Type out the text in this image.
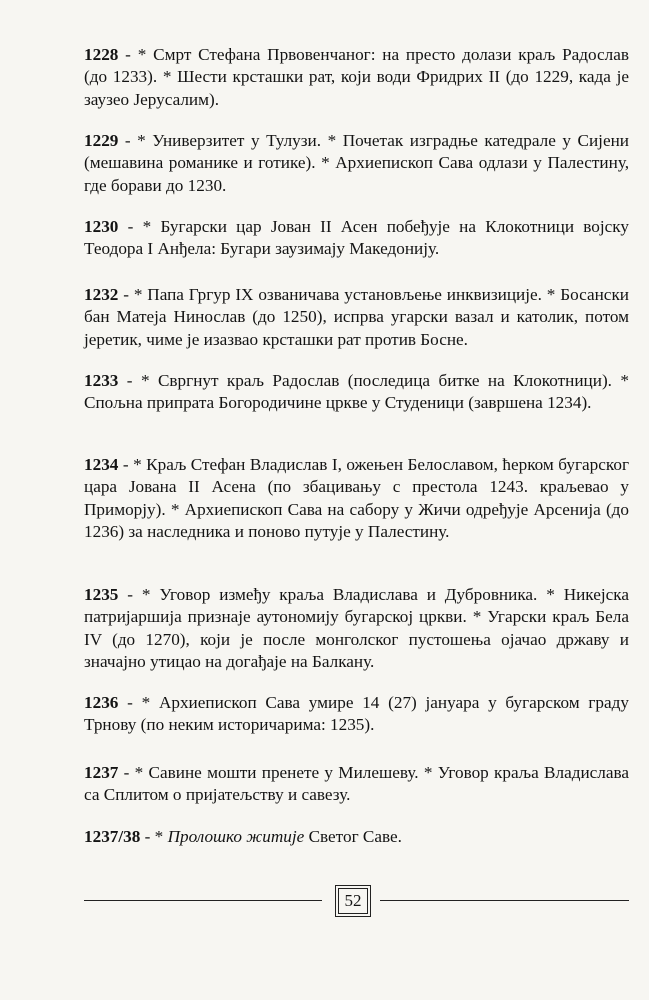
1228 - * Смрт Стефана Првовенчаног: на престо долази краљ Радослав (до 1233). * Шести крсташки рат, који води Фридрих II (до 1229, када је заузео Јерусалим).

1229 - * Универзитет у Тулузи. * Почетак изградње катедрале у Сијени (мешавина романике и готике). * Архиепископ Сава одлази у Палестину, где борави до 1230.

1230 - * Бугарски цар Јован II Асен побеђује на Клокотници војску Теодора I Анђела: Бугари заузимају Македонију.

1232 - * Папа Гргур IX озваничава установљење инквизиције. * Босански бан Матеја Нинослав (до 1250), испрва угарски вазал и католик, потом јеретик, чиме је изазвао крсташки рат против Босне.

1233 - * Свргнут краљ Радослав (последица битке на Клокотници). * Спољна припрата Богородичине цркве у Студеници (завршена 1234).

1234 - * Краљ Стефан Владислав I, ожењен Белославом, ћерком бугарског цара Јована II Асена (по збацивању с престола 1243. краљевао у Приморју). * Архиепископ Сава на сабору у Жичи одређује Арсенија (до 1236) за наследника и поново путује у Палестину.

1235 - * Уговор између краља Владислава и Дубровника. * Никејска патријаршија признаје аутономију бугарској цркви. * Угарски краљ Бела IV (до 1270), који је после монголског пустошења ојачао државу и значајно утицао на догађаје на Балкану.

1236 - * Архиепископ Сава умире 14 (27) јануара у бугарском граду Трнову (по неким историчарима: 1235).

1237 - * Савине мошти пренете у Милешеву. * Уговор краља Владислава са Сплитом о пријатељству и савезу.

1237/38 - * Пролошко житије Светог Саве.

52
